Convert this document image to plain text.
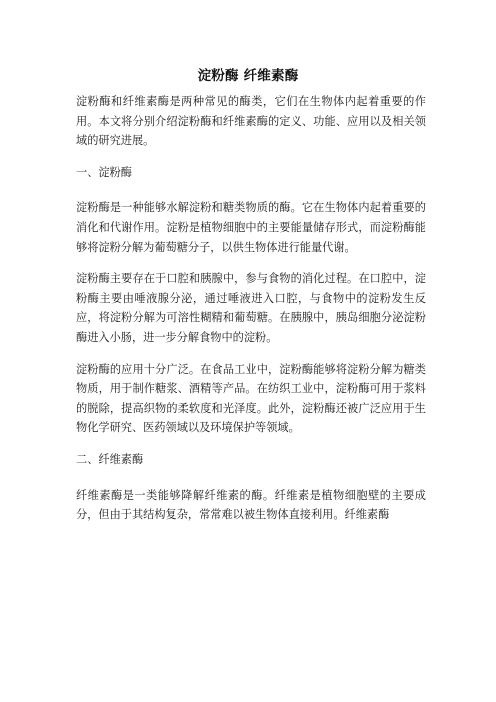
淀粉酶 纤维素酶

淀粉酶和纤维素酶是两种常见的酶类，它们在生物体内起着重要的作用。本文将分别介绍淀粉酶和纤维素酶的定义、功能、应用以及相关领域的研究进展。

一、淀粉酶

淀粉酶是一种能够水解淀粉和糖类物质的酶。它在生物体内起着重要的消化和代谢作用。淀粉是植物细胞中的主要能量储存形式，而淀粉酶能够将淀粉分解为葡萄糖分子，以供生物体进行能量代谢。

淀粉酶主要存在于口腔和胰腺中，参与食物的消化过程。在口腔中，淀粉酶主要由唾液腺分泌，通过唾液进入口腔，与食物中的淀粉发生反应，将淀粉分解为可溶性糊精和葡萄糖。在胰腺中，胰岛细胞分泌淀粉酶进入小肠，进一步分解食物中的淀粉。

淀粉酶的应用十分广泛。在食品工业中，淀粉酶能够将淀粉分解为糖类物质，用于制作糖浆、酒精等产品。在纺织工业中，淀粉酶可用于浆料的脱除，提高织物的柔软度和光泽度。此外，淀粉酶还被广泛应用于生物化学研究、医药领域以及环境保护等领域。

二、纤维素酶

纤维素酶是一类能够降解纤维素的酶。纤维素是植物细胞壁的主要成分，但由于其结构复杂，常常难以被生物体直接利用。纤维素酶
